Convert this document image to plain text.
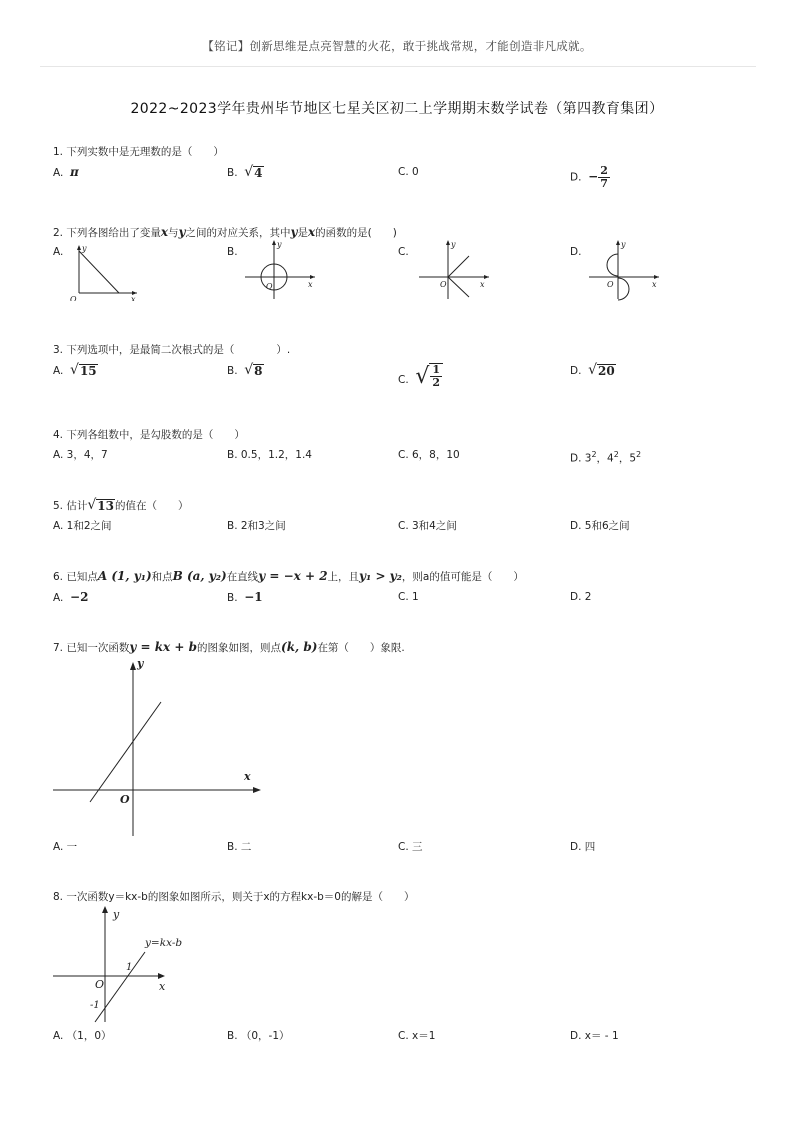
【铭记】创新思维是点亮智慧的火花，敢于挑战常规，才能创造非凡成就。
2022~2023学年贵州毕节地区七星关区初二上学期期末数学试卷（第四教育集团）
1. 下列实数中是无理数的是（　　）
A. π	B. √ 4	C. 0	D. − $\frac{2}{7}$
2. 下列各图给出了变量x与y之间的对应关系，其中y是x的函数的是(　　)
A.	B.	C.	D.
y
x
O
y
x
O
y
x
O
y
x
O
3. 下列选项中，是最简二次根式的是（　　　　）.
A. √ 15	B. √ 8
C. √ $\frac{1}{2}$	D. √ 20
4. 下列各组数中，是勾股数的是（　　）
A. 3，4，7	B. 0.5，1.2，1.4	C. 6，8，10	D. $3^2$，$4^2$，$5^2$
5. 估计 √ 13 的值在（　　）
A. 1和2之间	B. 2和3之间	C. 3和4之间	D. 5和6之间
6. 已知点A (1, y₁)和点B (a, y₂)在直线y = −x + 2上，且y₁ > y₂，则a的值可能是（　　）
A. −2	B. −1	C. 1	D. 2
7. 已知一次函数y = kx + b的图象如图，则点(k, b)在第（　　）象限.
y
x
O
A. 一	B. 二	C. 三	D. 四
8. 一次函数y＝kx-b的图象如图所示，则关于x的方程kx-b＝0的解是（　　）
y
x
O
y=kx-b
1
-1
A. （1，0）	B. （0，-1）	C. x＝1	D. x＝ - 1
